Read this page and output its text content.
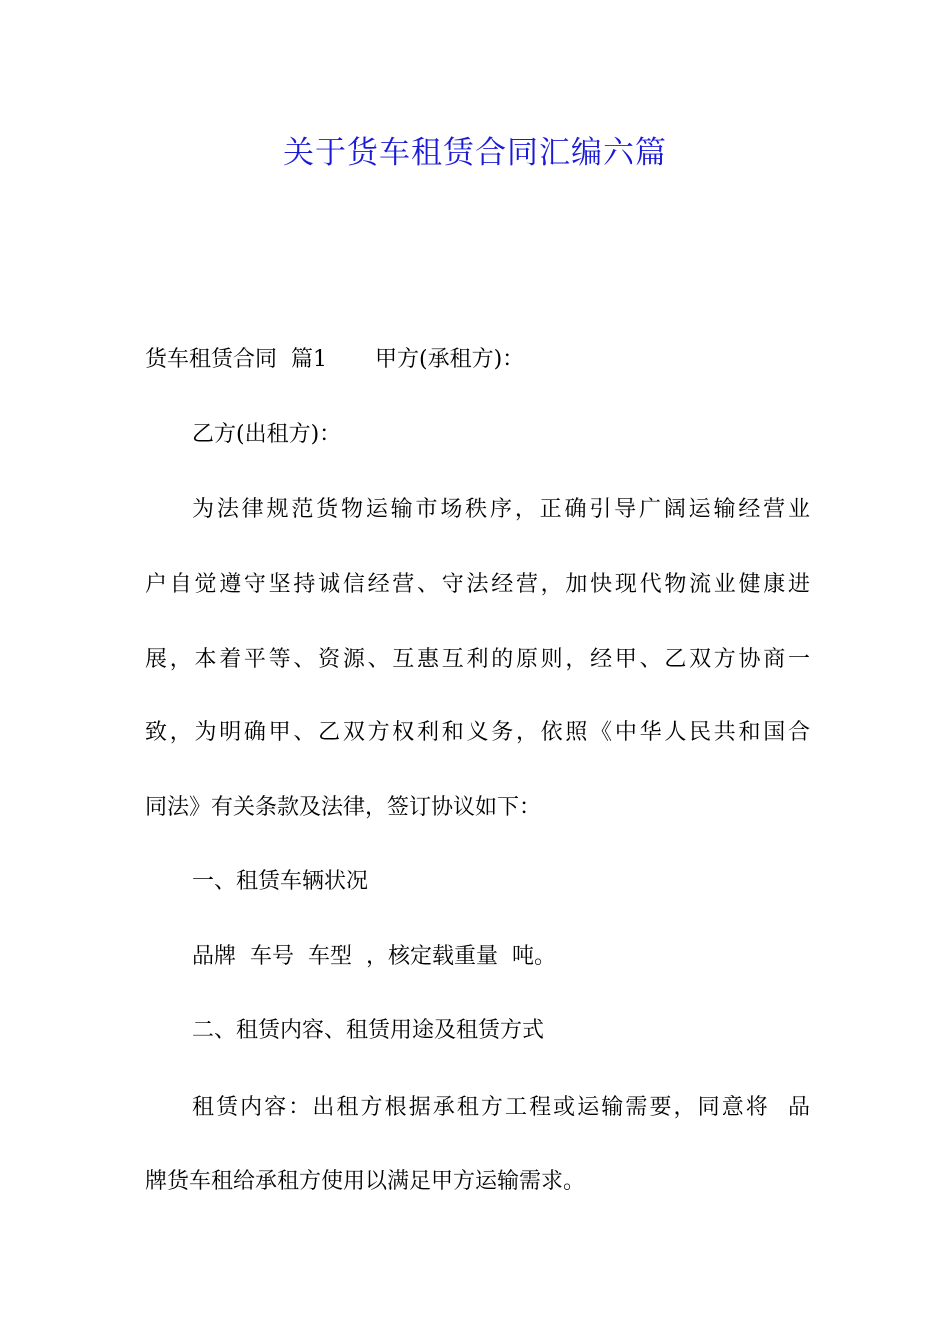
关于货车租赁合同汇编六篇

货车租赁合同  篇1 甲方(承租方)：

乙方(出租方)：

为法律规范货物运输市场秩序，正确引导广阔运输经营业

户自觉遵守坚持诚信经营、守法经营，加快现代物流业健康进

展，本着平等、资源、互惠互利的原则，经甲、乙双方协商一

致，为明确甲、乙双方权利和义务，依照《中华人民共和国合

同法》有关条款及法律，签订协议如下：

一、租赁车辆状况

品牌  车号  车型  ，核定载重量  吨。

二、租赁内容、租赁用途及租赁方式

租赁内容：出租方根据承租方工程或运输需要，同意将  品

牌货车租给承租方使用以满足甲方运输需求。
